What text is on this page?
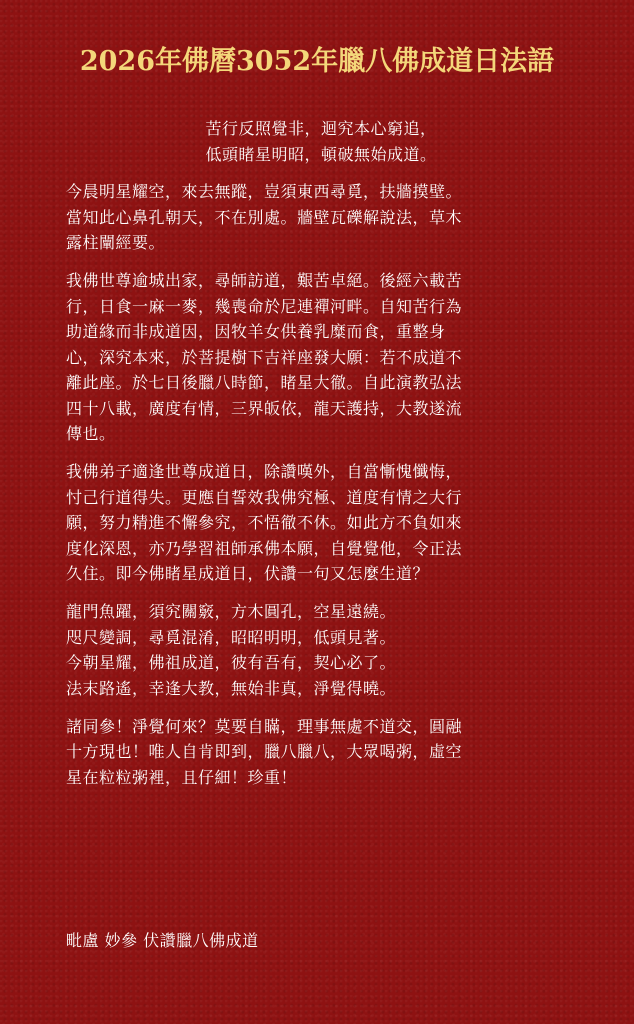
2026年佛曆3052年臘八佛成道日法語
苦行反照覺非，迴究本心窮追，
低頭睹星明昭，頓破無始成道。
今晨明星耀空，來去無蹤，豈須東西尋覓，扶牆摸壁。
當知此心鼻孔朝天，不在別處。牆壁瓦礫解說法，草木
露柱闡經要。
我佛世尊逾城出家，尋師訪道，艱苦卓絕。後經六載苦
行，日食一麻一麥，幾喪命於尼連禪河畔。自知苦行為
助道緣而非成道因，因牧羊女供養乳糜而食，重整身
心，深究本來，於菩提樹下吉祥座發大願：若不成道不
離此座。於七日後臘八時節，睹星大徹。自此演教弘法
四十八載，廣度有情，三界皈依，龍天護持，大教遂流
傳也。
我佛弟子適逢世尊成道日，除讚嘆外，自當慚愧懺悔，
忖己行道得失。更應自誓效我佛究極、道度有情之大行
願，努力精進不懈參究，不悟徹不休。如此方不負如來
度化深恩，亦乃學習祖師承佛本願，自覺覺他，令正法
久住。即今佛睹星成道日，伏讚一句又怎麼生道？
龍門魚躍，須究關竅，方木圓孔，空星遠繞。
咫尺變調，尋覓混淆，昭昭明明，低頭見著。
今朝星耀，佛祖成道，彼有吾有，契心必了。
法末路遙，幸逢大教，無始非真，淨覺得曉。
諸同參！淨覺何來？莫要自瞞，理事無處不道交，圓融
十方現也！唯人自肯即到，臘八臘八，大眾喝粥，虛空
星在粒粒粥裡，且仔細！珍重！
毗盧 妙參 伏讚臘八佛成道
